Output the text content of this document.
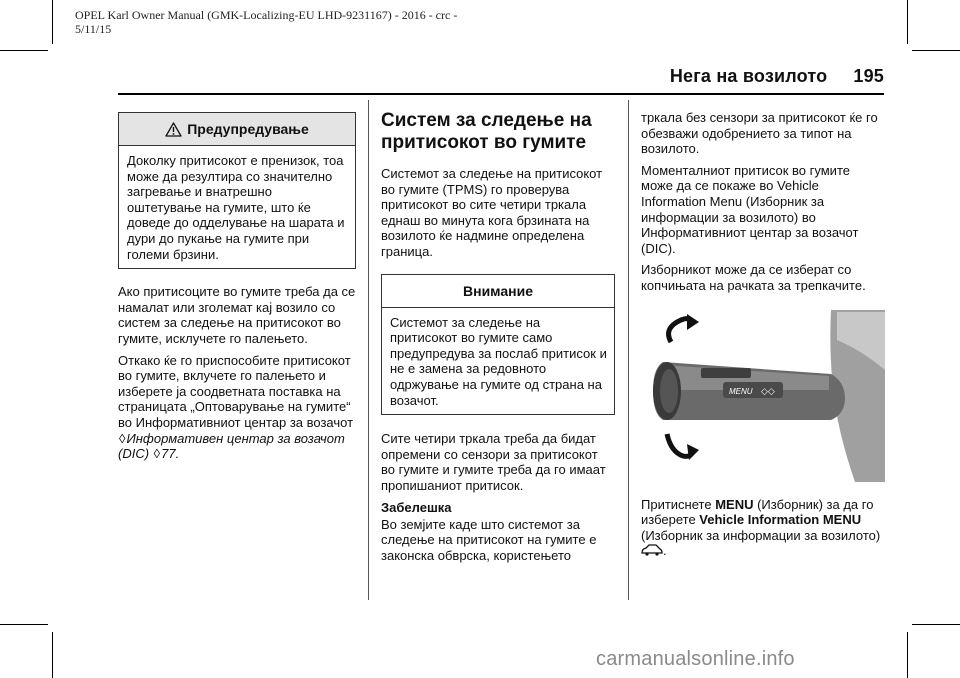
OPEL Karl Owner Manual (GMK-Localizing-EU LHD-9231167) - 2016 - crc -
5/11/15
Нега на возилото 195
Предупредување
Доколку притисокот е пренизок, тоа може да резултира со значително загревање и внатрешно оштетување на гумите, што ќе доведе до одделување на шарата и дури до пукање на гумите при големи брзини.

Ако притисоците во гумите треба да се намалат или зголемат кај возило со систем за следење на притисокот во гумите, исклучете го палењето.

Откако ќе го приспособите притисокот во гумите, вклучете го палењето и изберете ја соодветната поставка на страницата „Оптоварување на гумите“ во Информативниот центар за возачот ◊Информативен центар за возачот (DIC) ◊77.

Систем за следење на притисокот во гумите

Системот за следење на притисокот во гумите (TPMS) го проверува притисокот во сите четири тркала еднаш во минута кога брзината на возилото ќе надмине определена граница.

Внимание
Системот за следење на притисокот во гумите само предупредува за послаб притисок и не е замена за редовното одржување на гумите од страна на возачот.

Сите четири тркала треба да бидат опремени со сензори за притисокот во гумите и гумите треба да го имаат пропишаниот притисок.

Забелешка

Во земјите каде што системот за следење на притисокот на гумите е законска обврска, користењето

тркала без сензори за притисокот ќе го обезважи одобрението за типот на возилото.

Моменталниот притисок во гумите може да се покаже во Vehicle Information Menu (Изборник за информации за возилото) во Информативниот центар за возачот (DIC).

Изборникот може да се изберат со копчињата на рачката за трепкачите.

MENU ◇◇

Притиснете MENU (Изборник) за да го изберете Vehicle Information MENU (Изборник за информации за возилото) .

carmanualsonline.info
